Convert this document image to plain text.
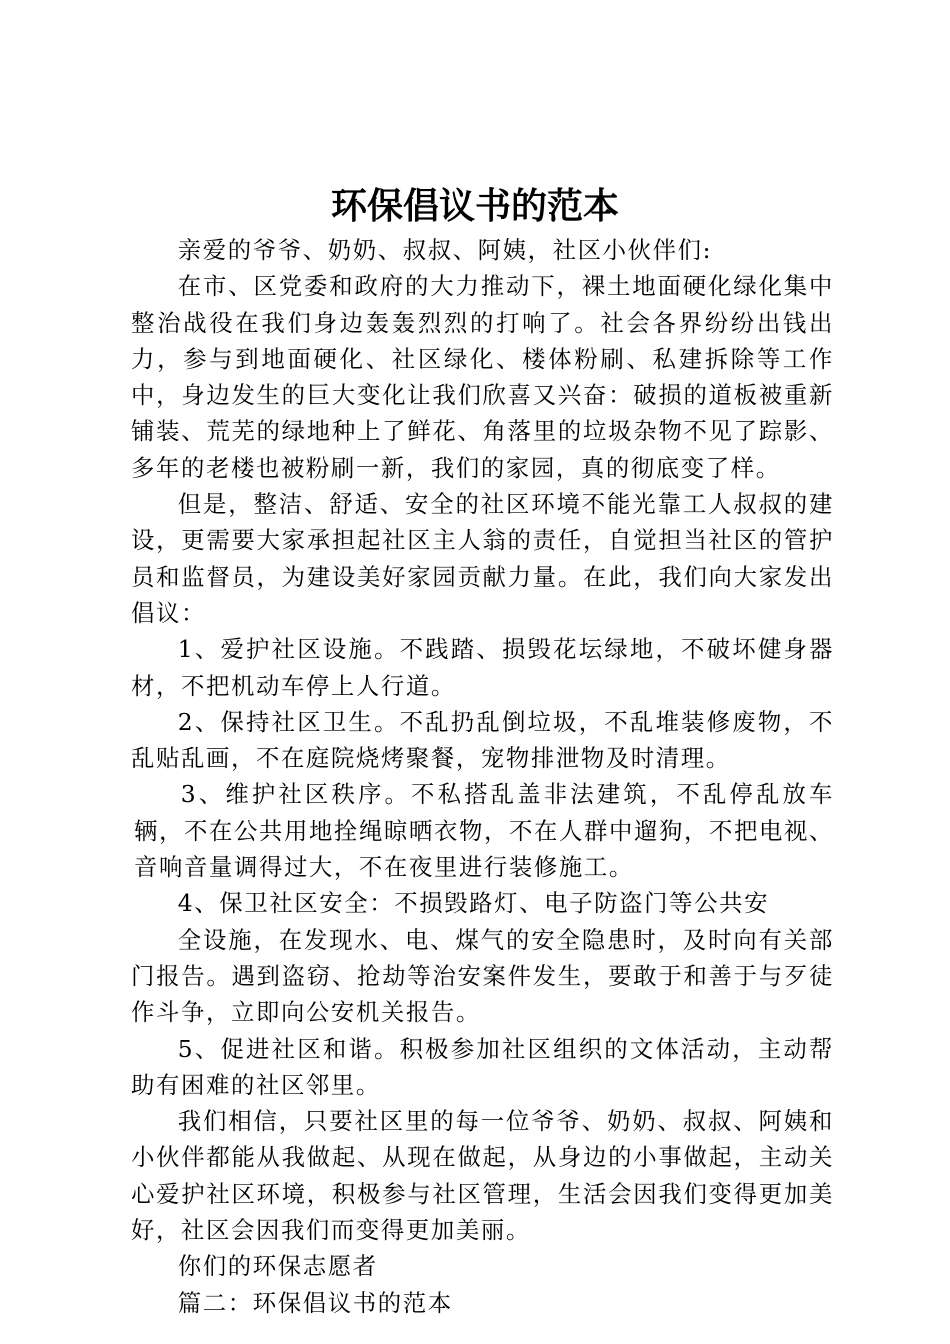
环保倡议书的范本

亲爱的爷爷、奶奶、叔叔、阿姨，社区小伙伴们:

在市、区党委和政府的大力推动下，裸土地面硬化绿化集中整治战役在我们身边轰轰烈烈的打响了。社会各界纷纷出钱出力，参与到地面硬化、社区绿化、楼体粉刷、私建拆除等工作中，身边发生的巨大变化让我们欣喜又兴奋：破损的道板被重新铺装、荒芜的绿地种上了鲜花、角落里的垃圾杂物不见了踪影、多年的老楼也被粉刷一新，我们的家园，真的彻底变了样。

但是，整洁、舒适、安全的社区环境不能光靠工人叔叔的建设，更需要大家承担起社区主人翁的责任，自觉担当社区的管护员和监督员，为建设美好家园贡献力量。在此，我们向大家发出倡议：

1、爱护社区设施。不践踏、损毁花坛绿地，不破坏健身器材，不把机动车停上人行道。

2、保持社区卫生。不乱扔乱倒垃圾，不乱堆装修废物，不乱贴乱画，不在庭院烧烤聚餐，宠物排泄物及时清理。

3、维护社区秩序。不私搭乱盖非法建筑，不乱停乱放车辆，不在公共用地拴绳晾晒衣物，不在人群中遛狗，不把电视、音响音量调得过大，不在夜里进行装修施工。

4、保卫社区安全：不损毁路灯、电子防盗门等公共安

全设施，在发现水、电、煤气的安全隐患时，及时向有关部门报告。遇到盗窃、抢劫等治安案件发生，要敢于和善于与歹徒作斗争，立即向公安机关报告。

5、促进社区和谐。积极参加社区组织的文体活动，主动帮助有困难的社区邻里。

我们相信，只要社区里的每一位爷爷、奶奶、叔叔、阿姨和小伙伴都能从我做起、从现在做起，从身边的小事做起，主动关心爱护社区环境，积极参与社区管理，生活会因我们变得更加美好，社区会因我们而变得更加美丽。

你们的环保志愿者

篇二：环保倡议书的范本
